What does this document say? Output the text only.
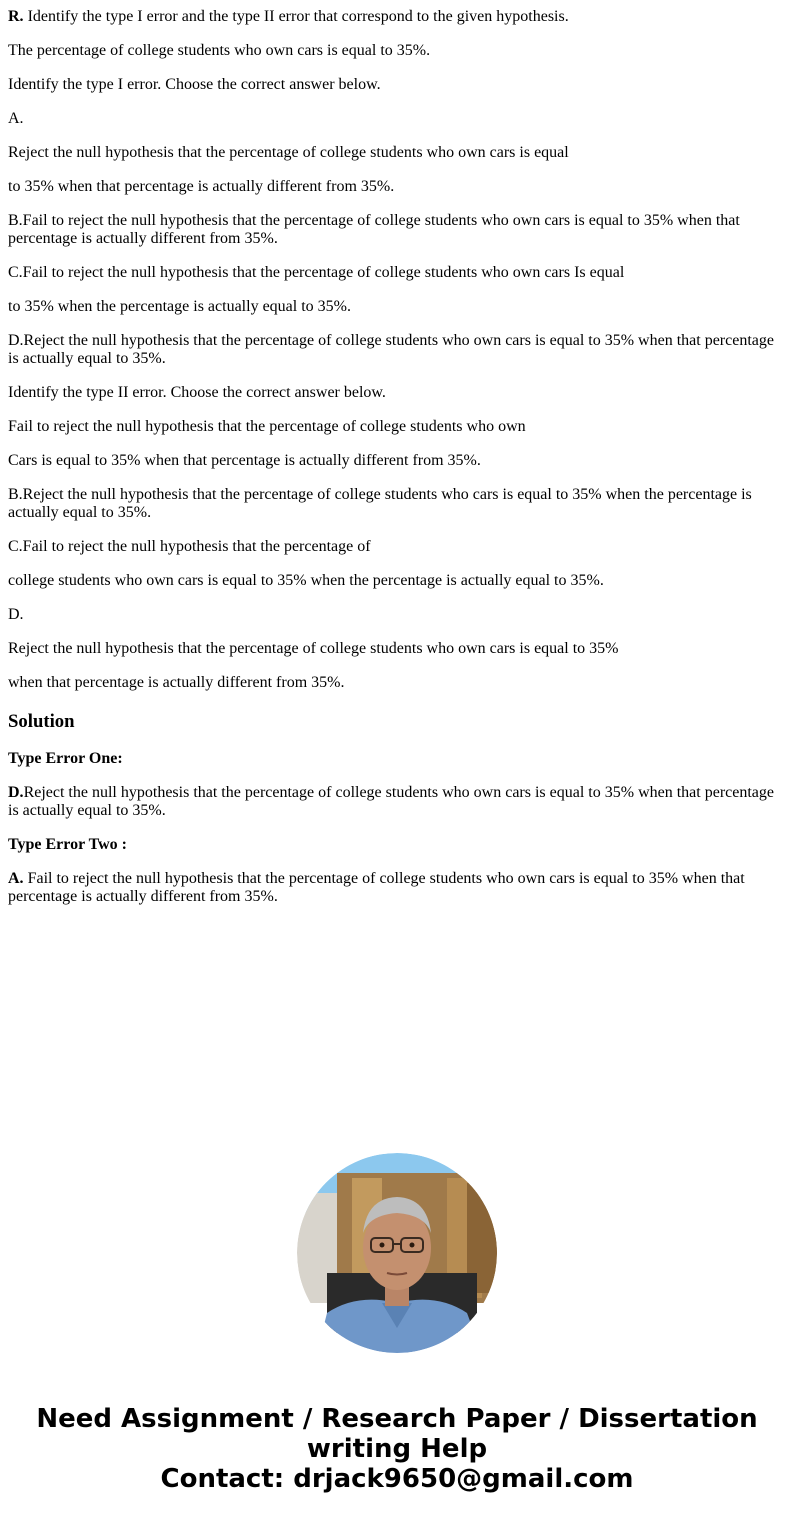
R. Identify the type I error and the type II error that correspond to the given hypothesis.

The percentage of college students who own cars is equal to 35%.

Identify the type I error. Choose the correct answer below.

A.

Reject the null hypothesis that the percentage of college students who own cars is equal

to 35% when that percentage is actually different from 35%.

B.Fail to reject the null hypothesis that the percentage of college students who own cars is equal to 35% when that percentage is actually different from 35%.

C.Fail to reject the null hypothesis that the percentage of college students who own cars Is equal

to 35% when the percentage is actually equal to 35%.

D.Reject the null hypothesis that the percentage of college students who own cars is equal to 35% when that percentage is actually equal to 35%.

Identify the type II error. Choose the correct answer below.

Fail to reject the null hypothesis that the percentage of college students who own

Cars is equal to 35% when that percentage is actually different from 35%.

B.Reject the null hypothesis that the percentage of college students who cars is equal to 35% when the percentage is actually equal to 35%.

C.Fail to reject the null hypothesis that the percentage of

college students who own cars is equal to 35% when the percentage is actually equal to 35%.

D.

Reject the null hypothesis that the percentage of college students who own cars is equal to 35%

when that percentage is actually different from 35%.

Solution

Type Error One:

D.Reject the null hypothesis that the percentage of college students who own cars is equal to 35% when that percentage is actually equal to 35%.

Type Error Two :

A. Fail to reject the null hypothesis that the percentage of college students who own cars is equal to 35% when that percentage is actually different from 35%.

Need Assignment / Research Paper / Dissertation
writing Help
Contact: drjack9650@gmail.com
